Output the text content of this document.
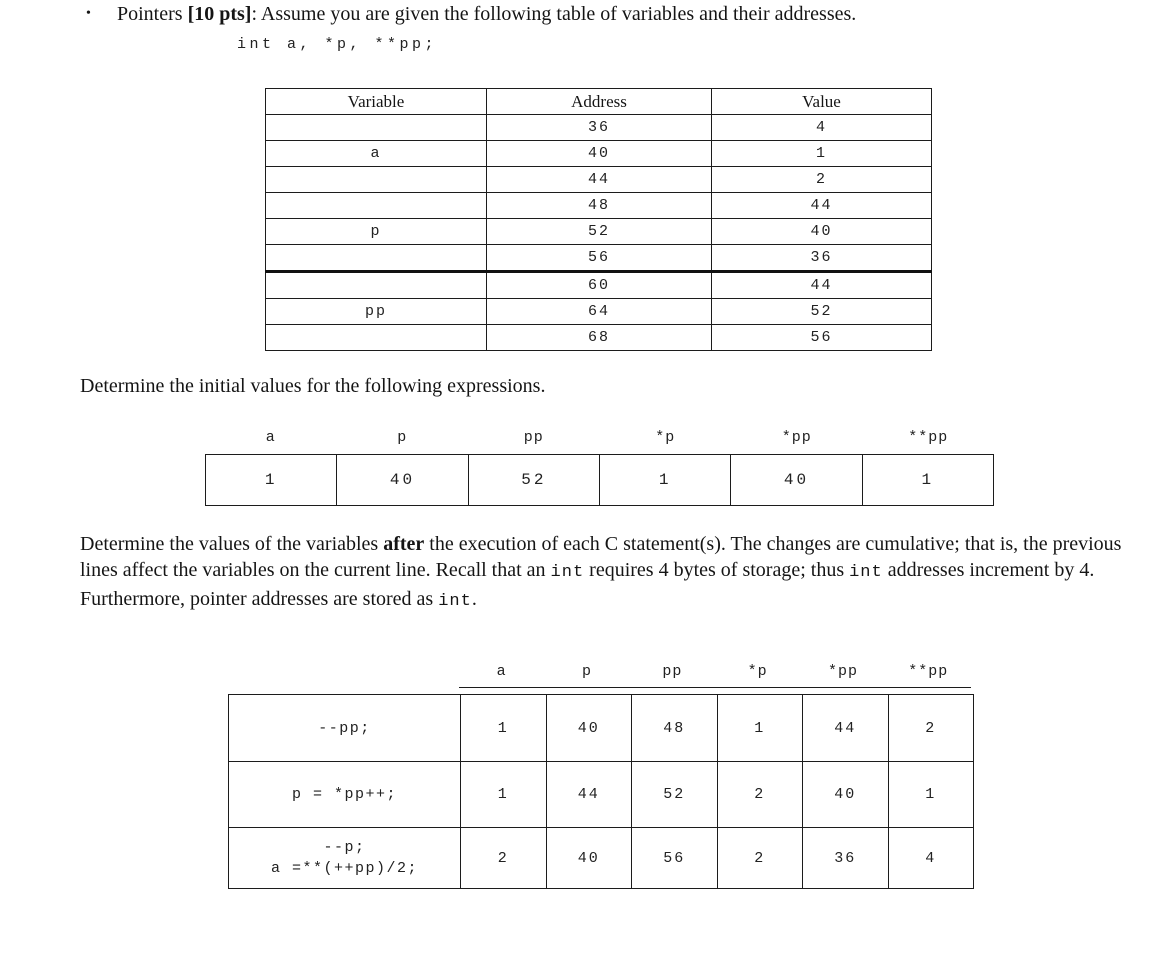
• Pointers [10 pts]: Assume you are given the following table of variables and their addresses.
int a, *p, **pp;
Variable	Address	Value
	36	4
a	40	1
	44	2
	48	44
p	52	40
	56	36
	60	44
pp	64	52
	68	56
Determine the initial values for the following expressions.
a	p	pp	*p	*pp	**pp
1	40	52	1	40	1
Determine the values of the variables after the execution of each C statement(s). The changes are cumulative; that is, the previous lines affect the variables on the current line. Recall that an int requires 4 bytes of storage; thus int addresses increment by 4. Furthermore, pointer addresses are stored as int.
a	p	pp	*p	*pp	**pp
--pp;	1	40	48	1	44	2
p = *pp++;	1	44	52	2	40	1
--p;
a =**(++pp)/2;
2	40	56	2	36	4
